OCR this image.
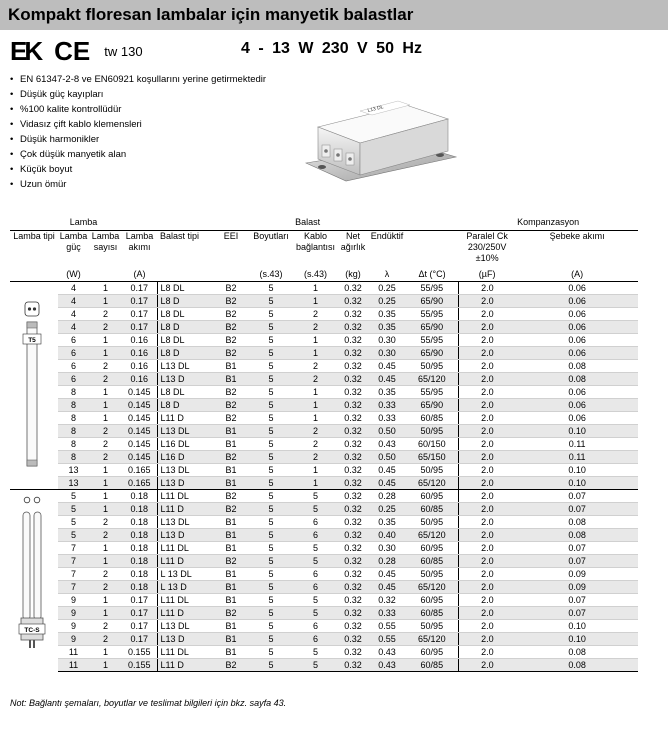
Kompakt floresan lambalar için manyetik balastlar
EK CE tw 130	4 - 13 W 230 V 50 Hz
• EN 61347-2-8 ve EN60921 koşullarını yerine getirmektedir
• Düşük güç kayıpları
• %100 kalite kontrollüdür
• Vidasız çift kablo klemensleri
• Düşük harmonikler
• Çok düşük manyetik alan
• Küçük boyut
• Uzun ömür
L13 DL
Lamba				Balast							Kompanzasyon	
Lamba tipi	Lamba güç	Lamba sayısı	Lamba akımı	Balast tipi	EEI	Boyutları	Kablo bağlantısı	Net ağırlık	Endüktif		Paralel Ck 230/250V ±10%	Şebeke akımı
	(W)		(A)			(s.43)	(s.43)	(kg)	λ	Δt (°C)	(µF)	(A)

T5	4	1	0.17	L8 DL	B2	5	1	0.32	0.25	55/95	2.0	0.06
	4	1	0.17	L8 D	B2	5	1	0.32	0.25	65/90	2.0	0.06
	4	2	0.17	L8 DL	B2	5	2	0.32	0.35	55/95	2.0	0.06
	4	2	0.17	L8 D	B2	5	2	0.32	0.35	65/90	2.0	0.06
	6	1	0.16	L8 DL	B2	5	1	0.32	0.30	55/95	2.0	0.06
	6	1	0.16	L8 D	B2	5	1	0.32	0.30	65/90	2.0	0.06
	6	2	0.16	L13 DL	B1	5	2	0.32	0.45	50/95	2.0	0.08
	6	2	0.16	L13 D	B1	5	2	0.32	0.45	65/120	2.0	0.08
	8	1	0.145	L8 DL	B2	5	1	0.32	0.35	55/95	2.0	0.06
	8	1	0.145	L8 D	B2	5	1	0.32	0.33	65/90	2.0	0.06
	8	1	0.145	L11 D	B2	5	1	0.32	0.33	60/85	2.0	0.06
	8	2	0.145	L13 DL	B1	5	2	0.32	0.50	50/95	2.0	0.10
	8	2	0.145	L16 DL	B1	5	2	0.32	0.43	60/150	2.0	0.11
	8	2	0.145	L16 D	B2	5	2	0.32	0.50	65/150	2.0	0.11
	13	1	0.165	L13 DL	B1	5	1	0.32	0.45	50/95	2.0	0.10
	13	1	0.165	L13 D	B1	5	1	0.32	0.45	65/120	2.0	0.10

TC-S	5	1	0.18	L11 DL	B2	5	5	0.32	0.28	60/95	2.0	0.07
	5	1	0.18	L11 D	B2	5	5	0.32	0.25	60/85	2.0	0.07
	5	2	0.18	L13 DL	B1	5	6	0.32	0.35	50/95	2.0	0.08
	5	2	0.18	L13 D	B1	5	6	0.32	0.40	65/120	2.0	0.08
	7	1	0.18	L11 DL	B1	5	5	0.32	0.30	60/95	2.0	0.07
	7	1	0.18	L11 D	B2	5	5	0.32	0.28	60/85	2.0	0.07
	7	2	0.18	L 13 DL	B1	5	6	0.32	0.45	50/95	2.0	0.09
	7	2	0.18	L 13 D	B1	5	6	0.32	0.45	65/120	2.0	0.09
	9	1	0.17	L11 DL	B1	5	5	0.32	0.32	60/95	2.0	0.07
	9	1	0.17	L11 D	B2	5	5	0.32	0.33	60/85	2.0	0.07
	9	2	0.17	L13 DL	B1	5	6	0.32	0.55	50/95	2.0	0.10
	9	2	0.17	L13 D	B1	5	6	0.32	0.55	65/120	2.0	0.10
	11	1	0.155	L11 DL	B1	5	5	0.32	0.43	60/95	2.0	0.08
	11	1	0.155	L11 D	B2	5	5	0.32	0.43	60/85	2.0	0.08
Not: Bağlantı şemaları, boyutlar ve teslimat bilgileri için bkz. sayfa 43.
